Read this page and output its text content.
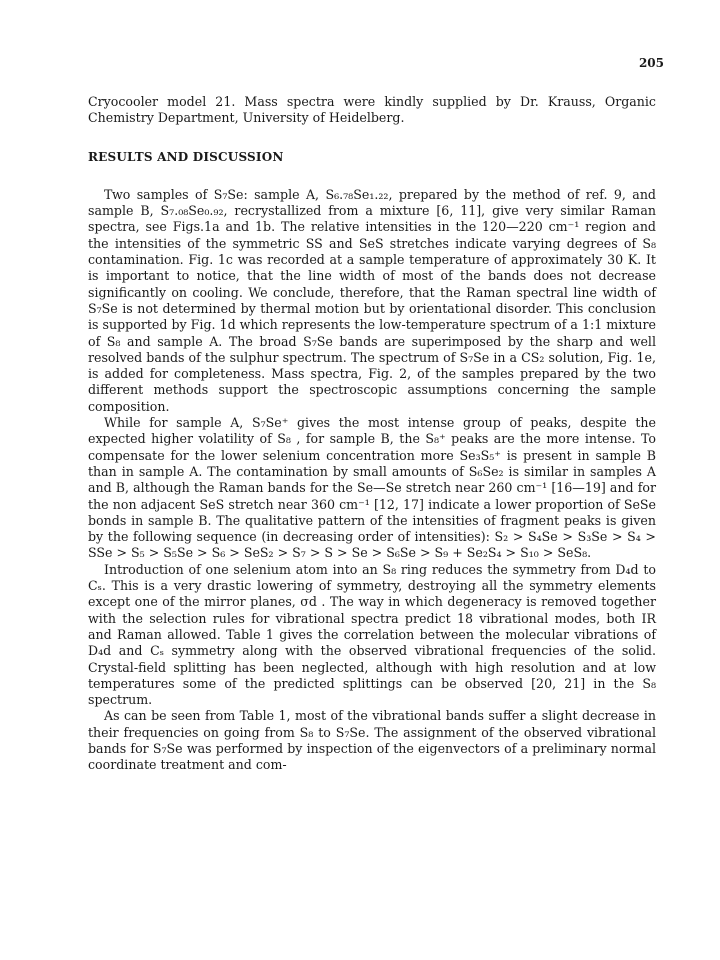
205

Cryocooler model 21. Mass spectra were kindly supplied by Dr. Krauss, Organic Chemistry Department, University of Heidelberg.

RESULTS AND DISCUSSION

Two samples of S₇Se: sample A, S₆.₇₈Se₁.₂₂, prepared by the method of ref. 9, and sample B, S₇.₀₈Se₀.₉₂, recrystallized from a mixture [6, 11], give very similar Raman spectra, see Figs.1a and 1b. The relative intensities in the 120—220 cm⁻¹ region and the intensities of the symmetric SS and SeS stretches indicate varying degrees of S₈ contamination. Fig. 1c was recorded at a sample temperature of approximately 30 K. It is important to notice, that the line width of most of the bands does not decrease significantly on cooling. We conclude, therefore, that the Raman spectral line width of S₇Se is not determined by thermal motion but by orientational disorder. This conclusion is supported by Fig. 1d which represents the low-temperature spectrum of a 1:1 mixture of S₈ and sample A. The broad S₇Se bands are superimposed by the sharp and well resolved bands of the sulphur spectrum. The spectrum of S₇Se in a CS₂ solution, Fig. 1e, is added for completeness. Mass spectra, Fig. 2, of the samples prepared by the two different methods support the spectroscopic assumptions concerning the sample composition.

While for sample A, S₇Se⁺ gives the most intense group of peaks, despite the expected higher volatility of S₈ , for sample B, the S₈⁺ peaks are the more intense. To compensate for the lower selenium concentration more Se₃S₅⁺ is present in sample B than in sample A. The contamination by small amounts of S₆Se₂ is similar in samples A and B, although the Raman bands for the Se—Se stretch near 260 cm⁻¹ [16—19] and for the non adjacent SeS stretch near 360 cm⁻¹ [12, 17] indicate a lower proportion of SeSe bonds in sample B. The qualitative pattern of the intensities of fragment peaks is given by the following sequence (in decreasing order of intensities): S₂ > S₄Se > S₃Se > S₄ > SSe > S₅ > S₅Se > S₆ > SeS₂ > S₇ > S > Se > S₆Se > S₉ + Se₂S₄ > S₁₀ > SeS₈.

Introduction of one selenium atom into an S₈ ring reduces the symmetry from D₄d to Cₛ. This is a very drastic lowering of symmetry, destroying all the symmetry elements except one of the mirror planes, σd . The way in which degeneracy is removed together with the selection rules for vibrational spectra predict 18 vibrational modes, both IR and Raman allowed. Table 1 gives the correlation between the molecular vibrations of D₄d and Cₛ symmetry along with the observed vibrational frequencies of the solid. Crystal-field splitting has been neglected, although with high resolution and at low temperatures some of the predicted splittings can be observed [20, 21] in the S₈ spectrum.

As can be seen from Table 1, most of the vibrational bands suffer a slight decrease in their frequencies on going from S₈ to S₇Se. The assignment of the observed vibrational bands for S₇Se was performed by inspection of the eigenvectors of a preliminary normal coordinate treatment and com-
